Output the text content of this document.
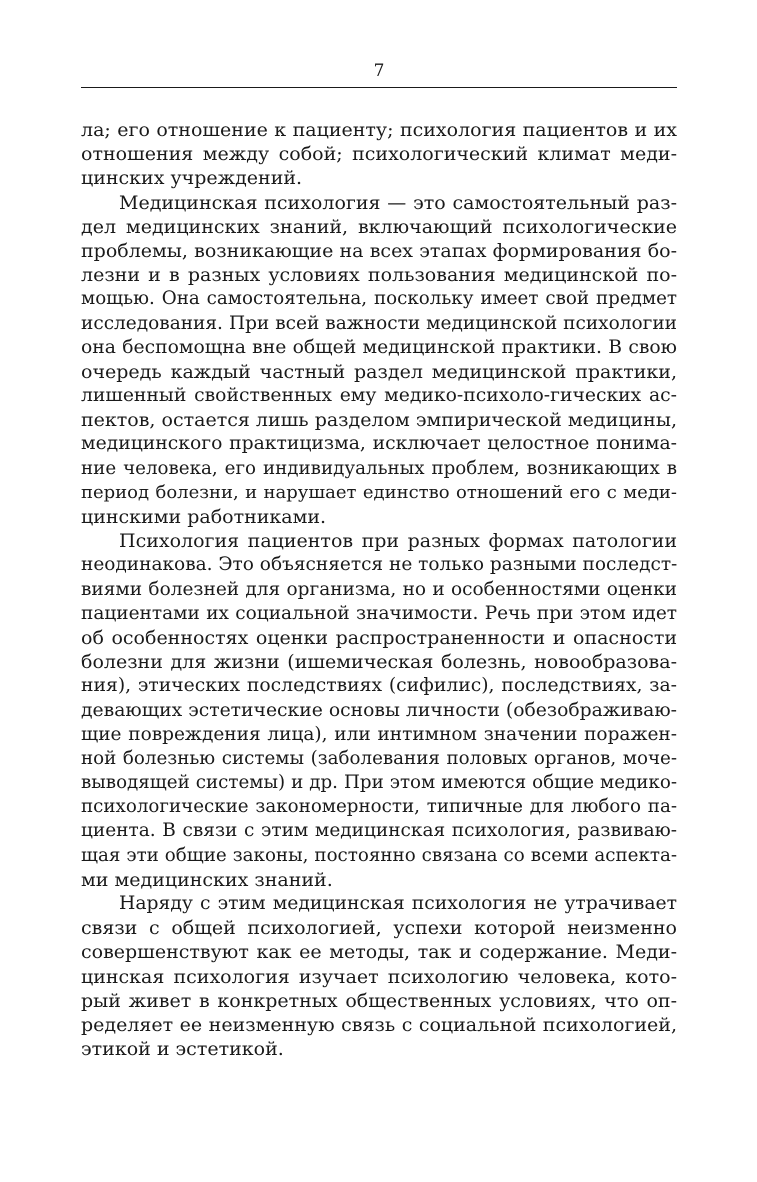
7
ла; его отношение к пациенту; психология пациентов и их
отношения между собой; психологический климат меди-
цинских учреждений.
Медицинская психология — это самостоятельный раз-
дел медицинских знаний, включающий психологические
проблемы, возникающие на всех этапах формирования бо-
лезни и в разных условиях пользования медицинской по-
мощью. Она самостоятельна, поскольку имеет свой предмет
исследования. При всей важности медицинской психологии
она беспомощна вне общей медицинской практики. В свою
очередь каждый частный раздел медицинской практики,
лишенный свойственных ему медико-психоло-гических ас-
пектов, остается лишь разделом эмпирической медицины,
медицинского практицизма, исключает целостное понима-
ние человека, его индивидуальных проблем, возникающих в
период болезни, и нарушает единство отношений его с меди-
цинскими работниками.
Психология пациентов при разных формах патологии
неодинакова. Это объясняется не только разными последст-
виями болезней для организма, но и особенностями оценки
пациентами их социальной значимости. Речь при этом идет
об особенностях оценки распространенности и опасности
болезни для жизни (ишемическая болезнь, новообразова-
ния), этических последствиях (сифилис), последствиях, за-
девающих эстетические основы личности (обезображиваю-
щие повреждения лица), или интимном значении поражен-
ной болезнью системы (заболевания половых органов, моче-
выводящей системы) и др. При этом имеются общие медико-
психологические закономерности, типичные для любого па-
циента. В связи с этим медицинская психология, развиваю-
щая эти общие законы, постоянно связана со всеми аспекта-
ми медицинских знаний.
Наряду с этим медицинская психология не утрачивает
связи с общей психологией, успехи которой неизменно
совершенствуют как ее методы, так и содержание. Меди-
цинская психология изучает психологию человека, кото-
рый живет в конкретных общественных условиях, что оп-
ределяет ее неизменную связь с социальной психологией,
этикой и эстетикой.
